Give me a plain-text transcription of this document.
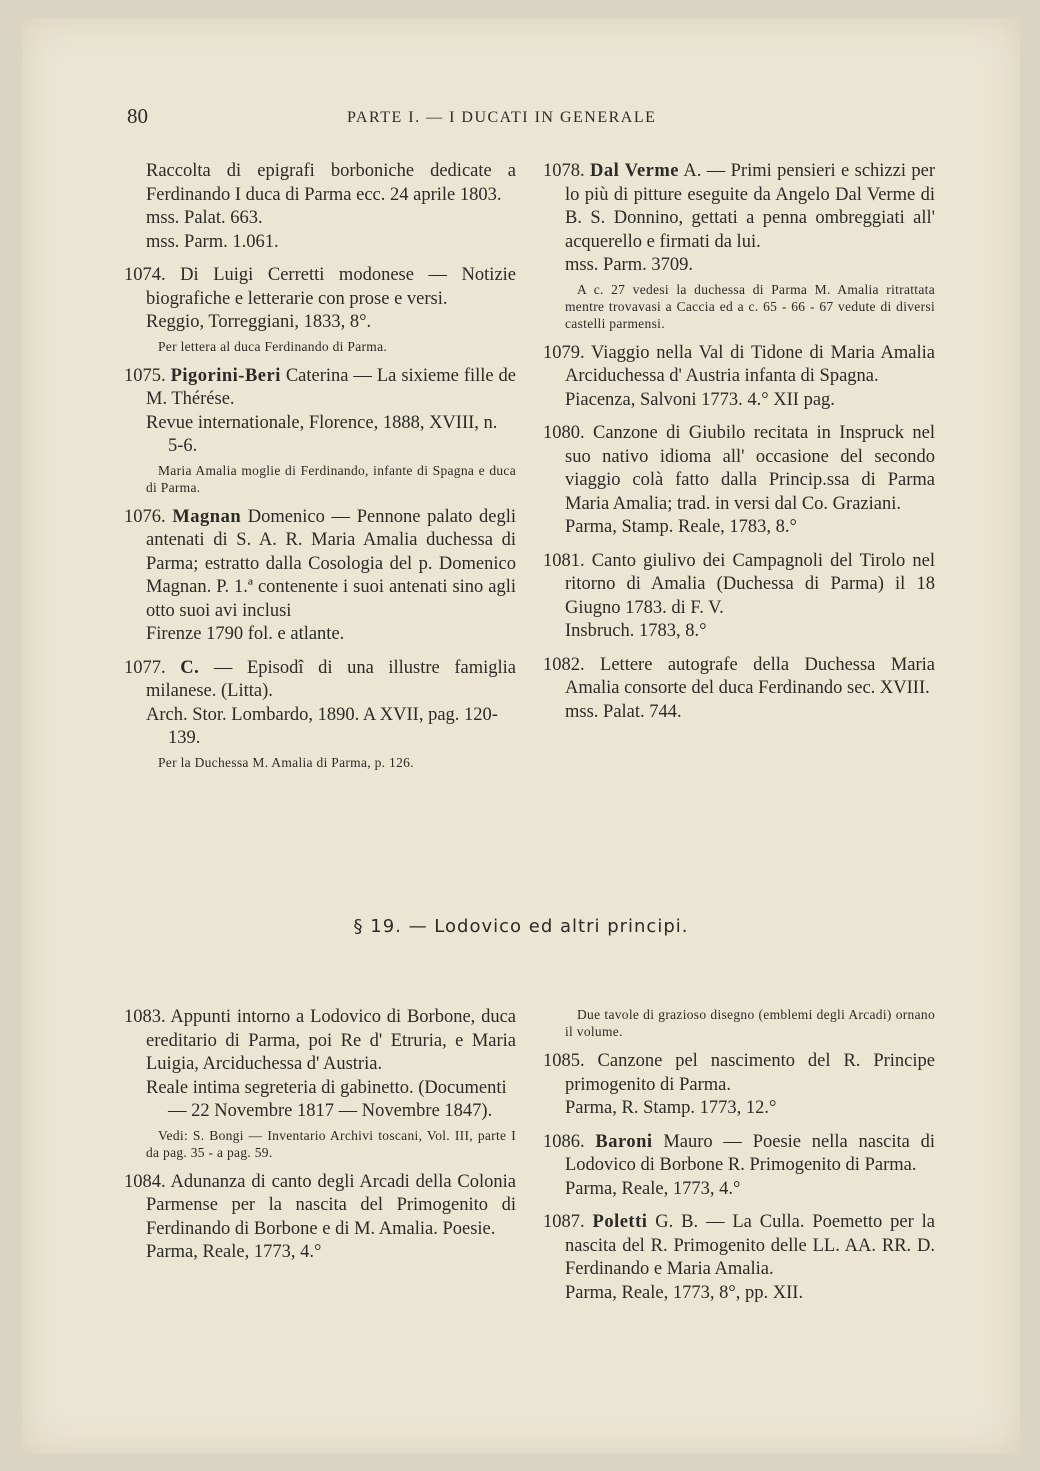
80	PARTE I. — I DUCATI IN GENERALE
Raccolta di epigrafi borboniche dedicate a Ferdinando I duca di Parma ecc. 24 aprile 1803.
mss. Palat. 663.
mss. Parm. 1.061.
1074. Di Luigi Cerretti modonese — Notizie biografiche e letterarie con prose e versi.
Reggio, Torreggiani, 1833, 8°.
Per lettera al duca Ferdinando di Parma.
1075. Pigorini-Beri Caterina — La sixieme fille de M. Thérése.
Revue internationale, Florence, 1888, XVIII, n. 5-6.
Maria Amalia moglie di Ferdinando, infante di Spagna e duca di Parma.
1076. Magnan Domenico — Pennone palato degli antenati di S. A. R. Maria Amalia duchessa di Parma; estratto dalla Cosologia del p. Domenico Magnan. P. 1.ª contenente i suoi antenati sino agli otto suoi avi inclusi
Firenze 1790 fol. e atlante.
1077. C. — Episodî di una illustre famiglia milanese. (Litta).
Arch. Stor. Lombardo, 1890. A XVII, pag. 120-139.
Per la Duchessa M. Amalia di Parma, p. 126.
1078. Dal Verme A. — Primi pensieri e schizzi per lo più di pitture eseguite da Angelo Dal Verme di B. S. Donnino, gettati a penna ombreggiati all' acquerello e firmati da lui.
mss. Parm. 3709.
A c. 27 vedesi la duchessa di Parma M. Amalia ritrattata mentre trovavasi a Caccia ed a c. 65 - 66 - 67 vedute di diversi castelli parmensi.
1079. Viaggio nella Val di Tidone di Maria Amalia Arciduchessa d' Austria infanta di Spagna.
Piacenza, Salvoni 1773. 4.° XII pag.
1080. Canzone di Giubilo recitata in Inspruck nel suo nativo idioma all' occasione del secondo viaggio colà fatto dalla Princip.ssa di Parma Maria Amalia; trad. in versi dal Co. Graziani.
Parma, Stamp. Reale, 1783, 8.°
1081. Canto giulivo dei Campagnoli del Tirolo nel ritorno di Amalia (Duchessa di Parma) il 18 Giugno 1783. di F. V.
Insbruch. 1783, 8.°
1082. Lettere autografe della Duchessa Maria Amalia consorte del duca Ferdinando sec. XVIII.
mss. Palat. 744.
§ 19. — Lodovico ed altri principi.
1083. Appunti intorno a Lodovico di Borbone, duca ereditario di Parma, poi Re d' Etruria, e Maria Luigia, Arciduchessa d' Austria.
Reale intima segreteria di gabinetto. (Documenti — 22 Novembre 1817 — Novembre 1847).
Vedi: S. Bongi — Inventario Archivi toscani, Vol. III, parte I da pag. 35 - a pag. 59.
1084. Adunanza di canto degli Arcadi della Colonia Parmense per la nascita del Primogenito di Ferdinando di Borbone e di M. Amalia. Poesie.
Parma, Reale, 1773, 4.°
Due tavole di grazioso disegno (emblemi degli Arcadi) ornano il volume.
1085. Canzone pel nascimento del R. Principe primogenito di Parma.
Parma, R. Stamp. 1773, 12.°
1086. Baroni Mauro — Poesie nella nascita di Lodovico di Borbone R. Primogenito di Parma.
Parma, Reale, 1773, 4.°
1087. Poletti G. B. — La Culla. Poemetto per la nascita del R. Primogenito delle LL. AA. RR. D. Ferdinando e Maria Amalia.
Parma, Reale, 1773, 8°, pp. XII.
